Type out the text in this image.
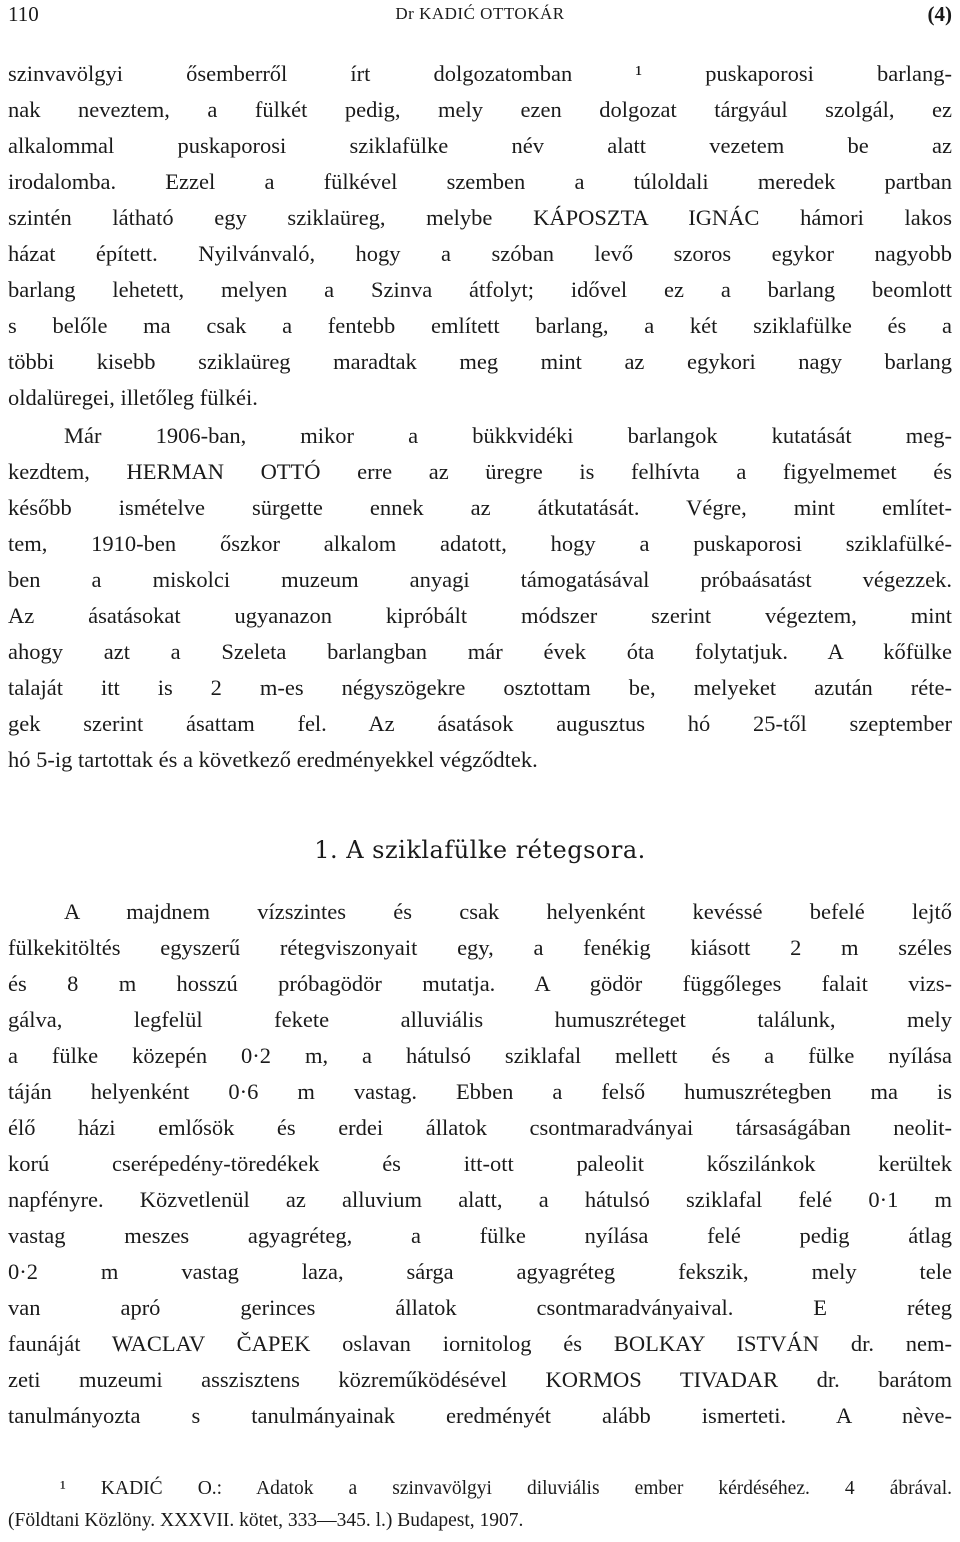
110	Dr KADIĆ OTTOKÁR	(4)
szinvavölgyi ősemberről írt dolgozatomban ¹ puskaporosi barlang-
nak neveztem, a fülkét pedig, mely ezen dolgozat tárgyául szolgál, ez
alkalommal puskaporosi sziklafülke név alatt vezetem be az
irodalomba. Ezzel a fülkével szemben a túloldali meredek partban
szintén látható egy sziklaüreg, melybe KÁPOSZTA IGNÁC hámori lakos
házat épített. Nyilvánvaló, hogy a szóban levő szoros egykor nagyobb
barlang lehetett, melyen a Szinva átfolyt; idővel ez a barlang beomlott
s belőle ma csak a fentebb említett barlang, a két sziklafülke és a
többi kisebb sziklaüreg maradtak meg mint az egykori nagy barlang
oldalüregei, illetőleg fülkéi.
Már 1906-ban, mikor a bükkvidéki barlangok kutatását meg-
kezdtem, HERMAN OTTÓ erre az üregre is felhívta a figyelmemet és
később ismételve sürgette ennek az átkutatását. Végre, mint említet-
tem, 1910-ben őszkor alkalom adatott, hogy a puskaporosi sziklafülké-
ben a miskolci muzeum anyagi támogatásával próbaásatást végezzek.
Az ásatásokat ugyanazon kipróbált módszer szerint végeztem, mint
ahogy azt a Szeleta barlangban már évek óta folytatjuk. A kőfülke
talaját itt is 2 m-es négyszögekre osztottam be, melyeket azután réte-
gek szerint ásattam fel. Az ásatások augusztus hó 25-től szeptember
hó 5-ig tartottak és a következő eredményekkel végződtek.
1. A sziklafülke rétegsora.
A majdnem vízszintes és csak helyenként kevéssé befelé lejtő
fülkekitöltés egyszerű rétegviszonyait egy, a fenékig kiásott 2 m széles
és 8 m hosszú próbagödör mutatja. A gödör függőleges falait vizs-
gálva, legfelül fekete alluviális humuszréteget találunk, mely
a fülke közepén 0·2 m, a hátulsó sziklafal mellett és a fülke nyílása
táján helyenként 0·6 m vastag. Ebben a felső humuszrétegben ma is
élő házi emlősök és erdei állatok csontmaradványai társaságában neolit-
korú cserépedény-töredékek és itt-ott paleolit kőszilánkok kerültek
napfényre. Közvetlenül az alluvium alatt, a hátulsó sziklafal felé 0·1 m
vastag meszes agyagréteg, a fülke nyílása felé pedig átlag
0·2 m vastag laza, sárga agyagréteg fekszik, mely tele
van apró gerinces állatok csontmaradványaival. E réteg
faunáját WACLAV ČAPEK oslavan iornitolog és BOLKAY ISTVÁN dr. nem-
zeti muzeumi asszisztens közreműködésével KORMOS TIVADAR dr. barátom
tanulmányozta s tanulmányainak eredményét alább ismerteti. A nève-
¹ KADIĆ O.: Adatok a szinvavölgyi diluviális ember kérdéséhez. 4 ábrával.
(Földtani Közlöny. XXXVII. kötet, 333—345. l.) Budapest, 1907.
